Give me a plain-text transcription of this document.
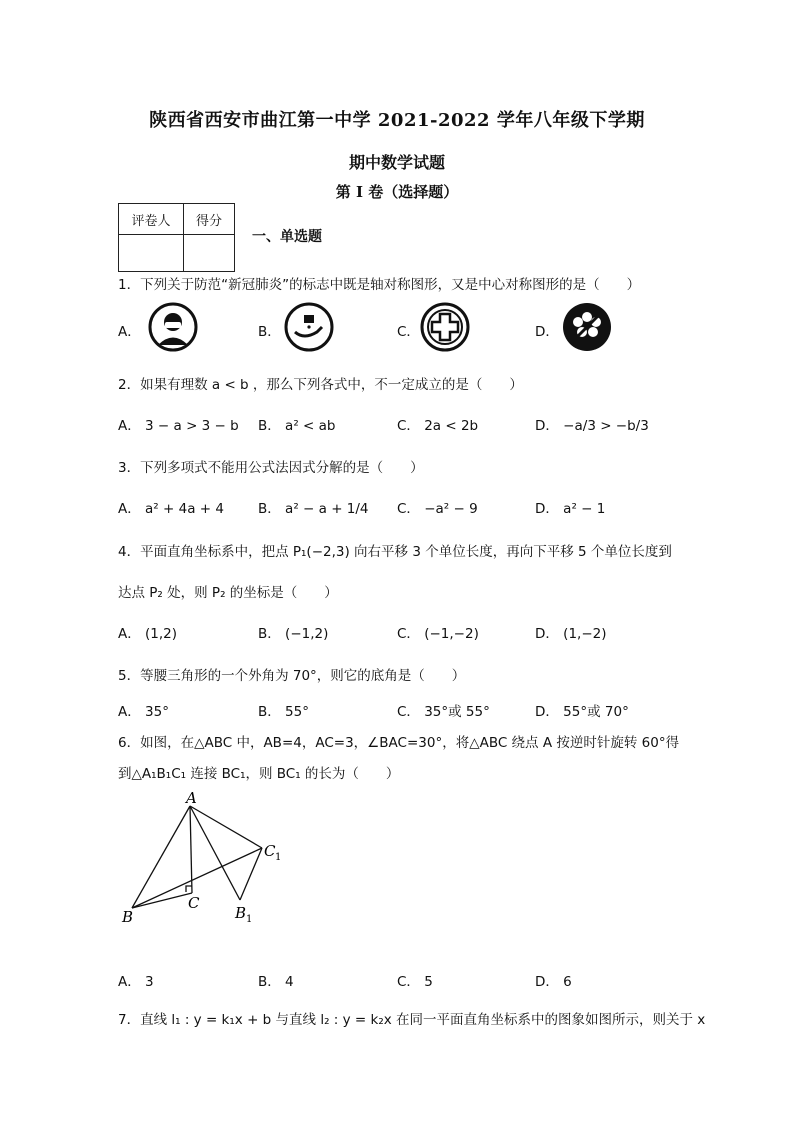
陕西省西安市曲江第一中学 2021-2022 学年八年级下学期
期中数学试题
第 I 卷（选择题）
评卷人	得分

一、单选题
1．下列关于防范“新冠肺炎”的标志中既是轴对称图形，又是中心对称图形的是（　　）
A．	B．	C．	D．
2．如果有理数 a < b ，那么下列各式中，不一定成立的是（　　）
A． 3 − a > 3 − b B． a² < ab	C． 2a < 2b	D． −a/3 > −b/3
3．下列多项式不能用公式法因式分解的是（　　）
A． a² + 4a + 4	B． a² − a + 1/4 C． −a² − 9	D． a² − 1
4．平面直角坐标系中，把点 P₁(−2,3) 向右平移 3 个单位长度，再向下平移 5 个单位长度到
达点 P₂ 处，则 P₂ 的坐标是（　　）
A． (1,2)	B． (−1,2)	C． (−1,−2)	D． (1,−2)
5．等腰三角形的一个外角为 70°，则它的底角是（　　）
A． 35°	B． 55°	C． 35°或 55°	D． 55°或 70°
6．如图，在△ABC 中，AB=4，AC=3，∠BAC=30°，将△ABC 绕点 A 按逆时针旋转 60°得
到△A₁B₁C₁ 连接 BC₁，则 BC₁ 的长为（　　）
A
B
C
C 1
B 1
A． 3	B． 4	C． 5	D． 6
7．直线 l₁ : y = k₁x + b 与直线 l₂ : y = k₂x 在同一平面直角坐标系中的图象如图所示，则关于 x
